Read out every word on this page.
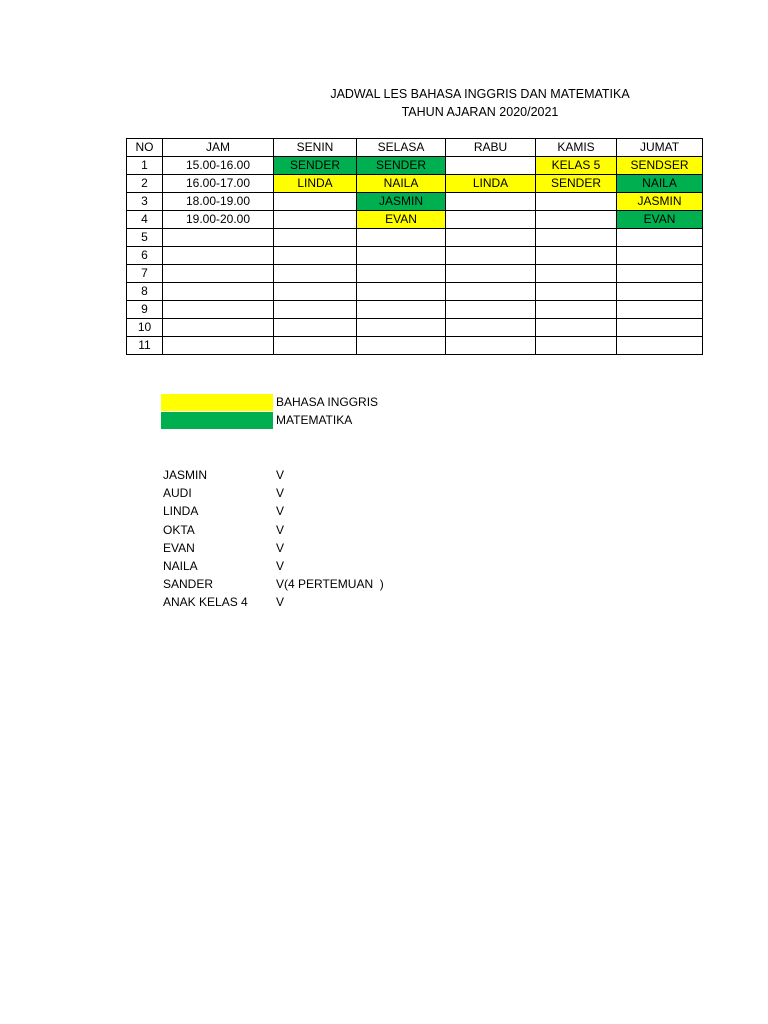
JADWAL LES BAHASA INGGRIS DAN MATEMATIKA
TAHUN AJARAN 2020/2021
NO	JAM	SENIN	SELASA	RABU	KAMIS	JUMAT
1	15.00-16.00	SENDER	SENDER		KELAS 5	SENDSER
2	16.00-17.00	LINDA	NAILA	LINDA	SENDER	NAILA
3	18.00-19.00		JASMIN			JASMIN
4	19.00-20.00		EVAN			EVAN
5						
6						
7						
8						
9						
10						
11						
BAHASA INGGRIS
MATEMATIKA
JASMIN	V
AUDI	V
LINDA	V
OKTA	V
EVAN	V
NAILA	V
SANDER	V(4 PERTEMUAN  )
ANAK KELAS 4 V
